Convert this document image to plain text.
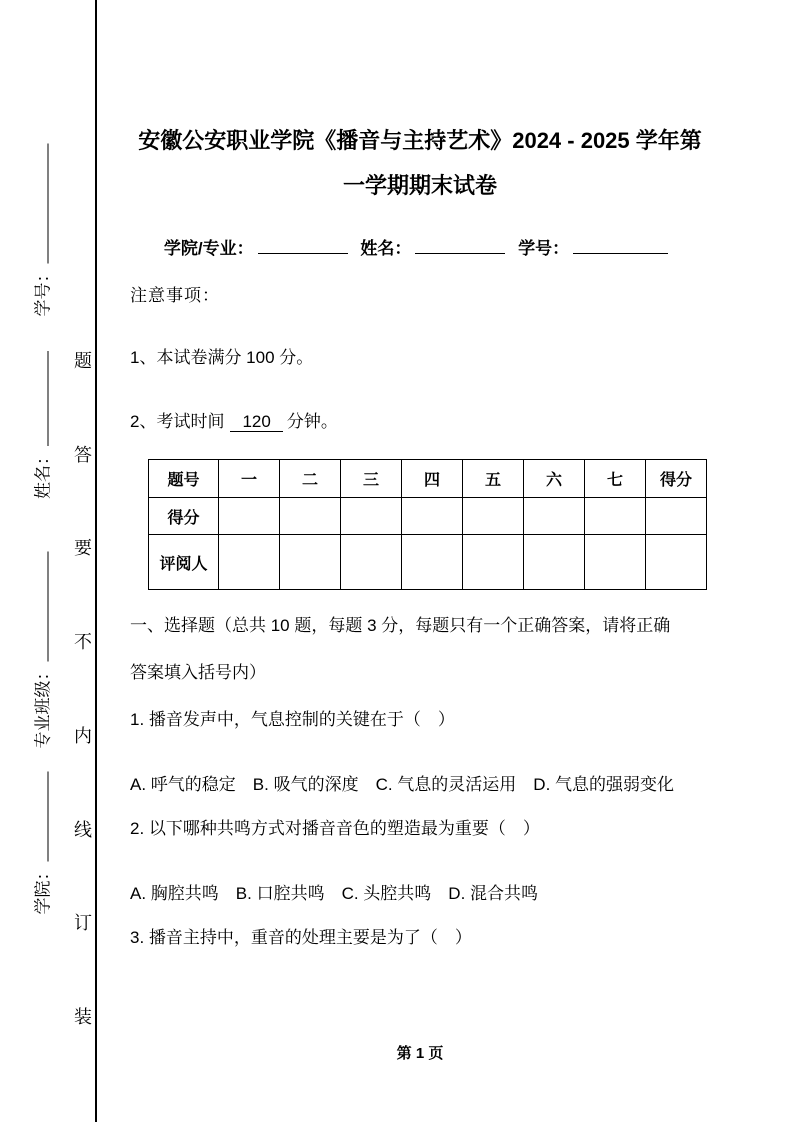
学号：
姓名：
专业班级：
学院：
题
答
要
不
内
线
订
装
安徽公安职业学院《播音与主持艺术》2024 - 2025 学年第一学期期末试卷
学院/专业：	姓名：	学号：

注意事项：

1、本试卷满分 100 分。

2、考试时间 120 分钟。

题号	一	二	三	四	五	六	七	得分
得分								
评阅人								

一、选择题（总共 10 题，每题 3 分，每题只有一个正确答案，请将正确答案填入括号内）

1. 播音发声中，气息控制的关键在于（　）

A. 呼气的稳定　B. 吸气的深度　C. 气息的灵活运用　D. 气息的强弱变化

2. 以下哪种共鸣方式对播音音色的塑造最为重要（　）

A. 胸腔共鸣　B. 口腔共鸣　C. 头腔共鸣　D. 混合共鸣

3. 播音主持中，重音的处理主要是为了（　）

第 1 页
